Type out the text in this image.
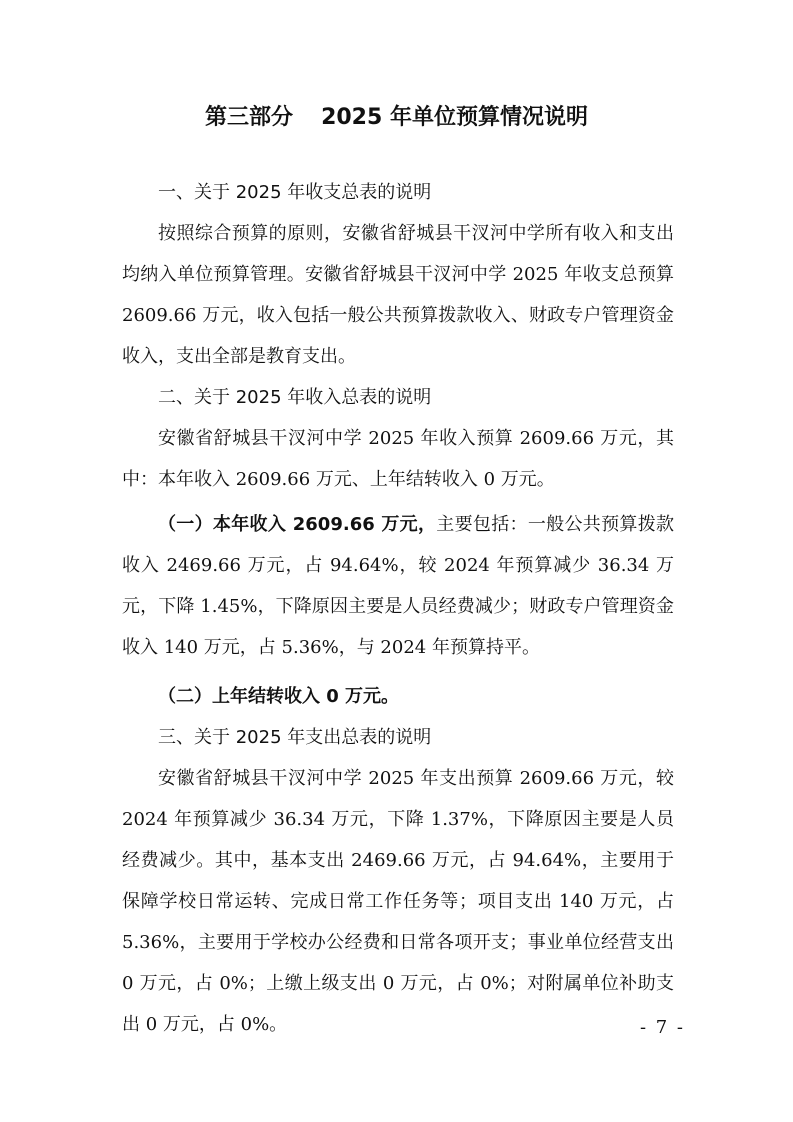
第三部分 2025 年单位预算情况说明

一、关于 2025 年收支总表的说明

按照综合预算的原则，安徽省舒城县干汊河中学所有收入和支出均纳入单位预算管理。安徽省舒城县干汊河中学 2025 年收支总预算 2609.66 万元，收入包括一般公共预算拨款收入、财政专户管理资金收入，支出全部是教育支出。

二、关于 2025 年收入总表的说明

安徽省舒城县干汊河中学 2025 年收入预算 2609.66 万元，其中：本年收入 2609.66 万元、上年结转收入 0 万元。

（一）本年收入 2609.66 万元，主要包括：一般公共预算拨款收入 2469.66 万元，占 94.64%，较 2024 年预算减少 36.34 万元，下降 1.45%，下降原因主要是人员经费减少；财政专户管理资金收入 140 万元，占 5.36%，与 2024 年预算持平。

（二）上年结转收入 0 万元。

三、关于 2025 年支出总表的说明

安徽省舒城县干汊河中学 2025 年支出预算 2609.66 万元，较 2024 年预算减少 36.34 万元，下降 1.37%，下降原因主要是人员经费减少。其中，基本支出 2469.66 万元，占 94.64%，主要用于保障学校日常运转、完成日常工作任务等；项目支出 140 万元，占 5.36%，主要用于学校办公经费和日常各项开支；事业单位经营支出 0 万元，占 0%；上缴上级支出 0 万元，占 0%；对附属单位补助支出 0 万元，占 0%。	- 7 -
